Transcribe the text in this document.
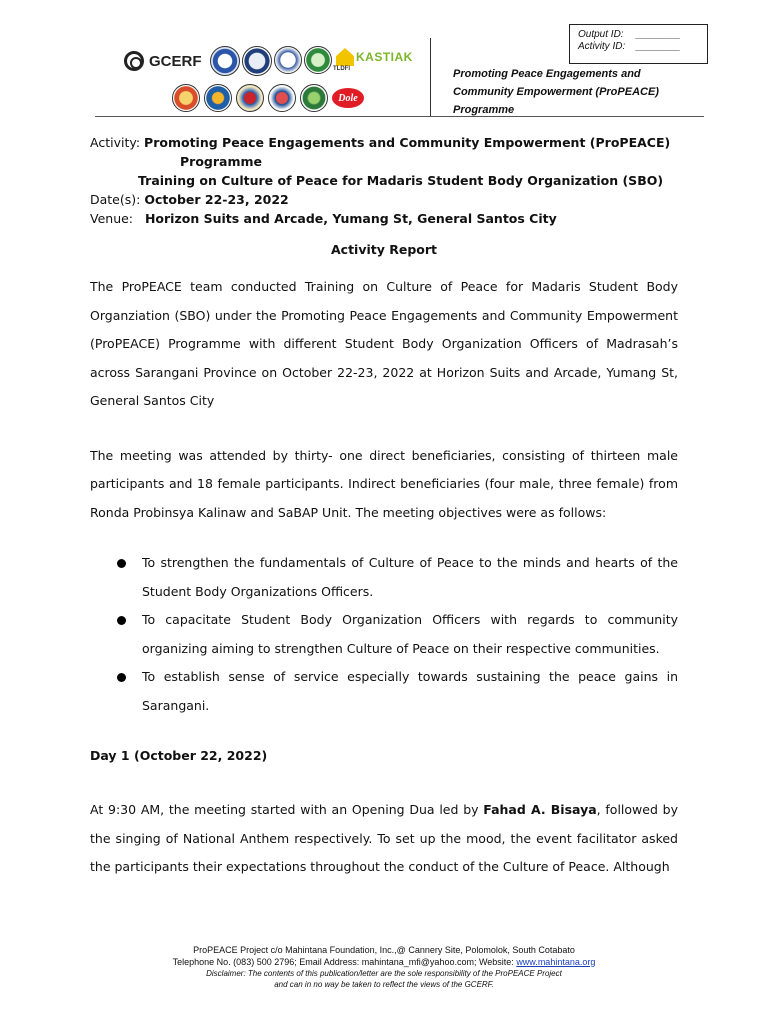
Output ID:	________
Activity ID:	________
GCERF	TLDFI
KASTIAK
Dole
Promoting Peace Engagements and Community Empowerment (ProPEACE) Programme
Activity: Promoting Peace Engagements and Community Empowerment (ProPEACE)
Programme
Training on Culture of Peace for Madaris Student Body Organization (SBO)
Date(s): October 22-23, 2022
Venue: Horizon Suits and Arcade, Yumang St, General Santos City
Activity Report

The ProPEACE team conducted Training on Culture of Peace for Madaris Student Body Organziation (SBO) under the Promoting Peace Engagements and Community Empowerment (ProPEACE) Programme with different Student Body Organization Officers of Madrasah’s across Sarangani Province on October 22-23, 2022 at Horizon Suits and Arcade, Yumang St, General Santos City

The meeting was attended by thirty- one direct beneficiaries, consisting of thirteen male participants and 18 female participants. Indirect beneficiaries (four male, three female) from Ronda Probinsya Kalinaw and SaBAP Unit. The meeting objectives were as follows:

To strengthen the fundamentals of Culture of Peace to the minds and hearts of the Student Body Organizations Officers.
To capacitate Student Body Organization Officers with regards to community organizing aiming to strengthen Culture of Peace on their respective communities.
To establish sense of service especially towards sustaining the peace gains in Sarangani.
Day 1 (October 22, 2022)

At 9:30 AM, the meeting started with an Opening Dua led by Fahad A. Bisaya, followed by the singing of National Anthem respectively. To set up the mood, the event facilitator asked the participants their expectations throughout the conduct of the Culture of Peace. Although

ProPEACE Project c/o Mahintana Foundation, Inc.,@ Cannery Site, Polomolok, South Cotabato
Telephone No. (083) 500 2796; Email Address: mahintana_mfi@yahoo.com; Website: www.mahintana.org
Disclaimer: The contents of this publication/letter are the sole responsibility of the ProPEACE Project
and can in no way be taken to reflect the views of the GCERF.
